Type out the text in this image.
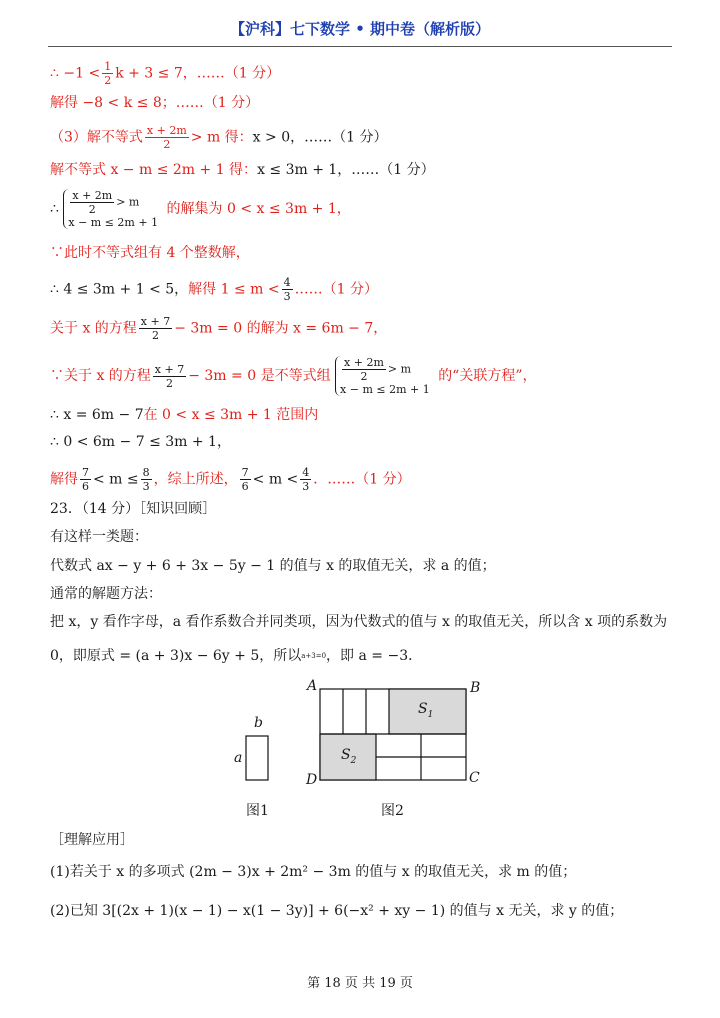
【沪科】七下数学 • 期中卷（解析版）
∴ $-1 < \frac{1}{2}$ k + 3 ≤ 7，……（1 分）
解得 −8 < k ≤ 8；……（1 分）
（3）解不等式 $\frac{x + 2m}{2} > m$ 得：x > 0，……（1 分）
解不等式 x − m ≤ 2m + 1 得：x ≤ 3m + 1，……（1 分）
∴ $\frac{x + 2m}{2} > m$
x − m ≤ 2m + 1
的解集为 0 < x ≤ 3m + 1，
∵此时不等式组有 4 个整数解，
∴ 4 ≤ 3m + 1 < 5，解得 $1 \le m < \frac{4}{3}$ ……（1 分）
关于 x 的方程 $\frac{x + 7}{2} - 3m = 0$ 的解为 x = 6m − 7，
∵关于 x 的方程 $\frac{x + 7}{2} - 3m = 0$ 是不等式组 $\frac{x + 2m}{2} > m$
x − m ≤ 2m + 1
的“关联方程”，
∴ x = 6m − 7在 0 < x ≤ 3m + 1 范围内
∴ 0 < 6m − 7 ≤ 3m + 1，
解得 $\frac{7}{6} < m \le \frac{8}{3}$ ，综上所述， $\frac{7}{6} < m < \frac{4}{3}$ ．……（1 分）
23．（14 分）［知识回顾］
有这样一类题：
代数式 ax − y + 6 + 3x − 5y − 1 的值与 x 的取值无关，求 a 的值；
通常的解题方法：
把 x，y 看作字母，a 看作系数合并同类项，因为代数式的值与 x 的取值无关，所以含 x 项的系数为
0，即原式 = (a + 3)x − 6y + 5，所以a+3=0，即 a = −3．
b
a
图1
A	B
C
D
$S_1$
$S_2$
图2
［理解应用］
(1)若关于 x 的多项式 (2m − 3)x + 2m² − 3m 的值与 x 的取值无关，求 m 的值；
(2)已知 3[(2x + 1)(x − 1) − x(1 − 3y)] + 6(−x² + xy − 1) 的值与 x 无关，求 y 的值；
第 18 页 共 19 页
